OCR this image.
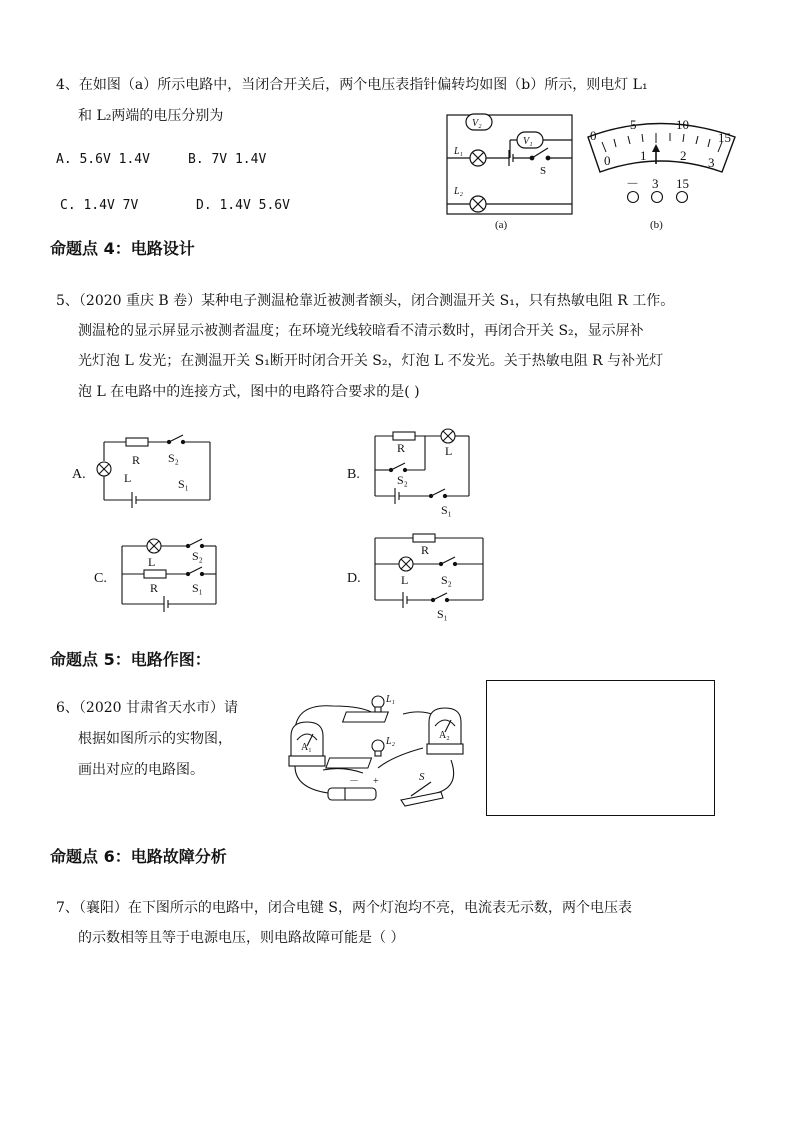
4、在如图（a）所示电路中，当闭合开关后，两个电压表指针偏转均如图（b）所示，则电灯 L₁
和 L₂两端的电压分别为
A. 5.6V 1.4V	B. 7V 1.4V
C. 1.4V 7V	D. 1.4V 5.6V
V₂
V₁
L₁
L₂
S
(a)
0
5	10
15
0 1	2 3
－ 3 15
(b)
命题点 4：电路设计
5、（2020 重庆 B 卷）某种电子测温枪靠近被测者额头，闭合测温开关 S₁，只有热敏电阻 R 工作。
测温枪的显示屏显示被测者温度；在环境光线较暗看不清示数时，再闭合开关 S₂，显示屏补
光灯泡 L 发光；在测温开关 S₁断开时闭合开关 S₂，灯泡 L 不发光。关于热敏电阻 R 与补光灯
泡 L 在电路中的连接方式，图中的电路符合要求的是( )
A.
R
L
S₂
S₁
B.
R	L
S₂
S₁
C.
L
R
S₂
S₁
D.
R
L	S₂
S₁
命题点 5：电路作图：
6、（2020 甘肃省天水市）请
根据如图所示的实物图，
画出对应的电路图。
L₁
L₂
A₁
A₂
S
+
－
命题点 6：电路故障分析
7、（襄阳）在下图所示的电路中，闭合电键 S，两个灯泡均不亮，电流表无示数，两个电压表
的示数相等且等于电源电压，则电路故障可能是（ ）
